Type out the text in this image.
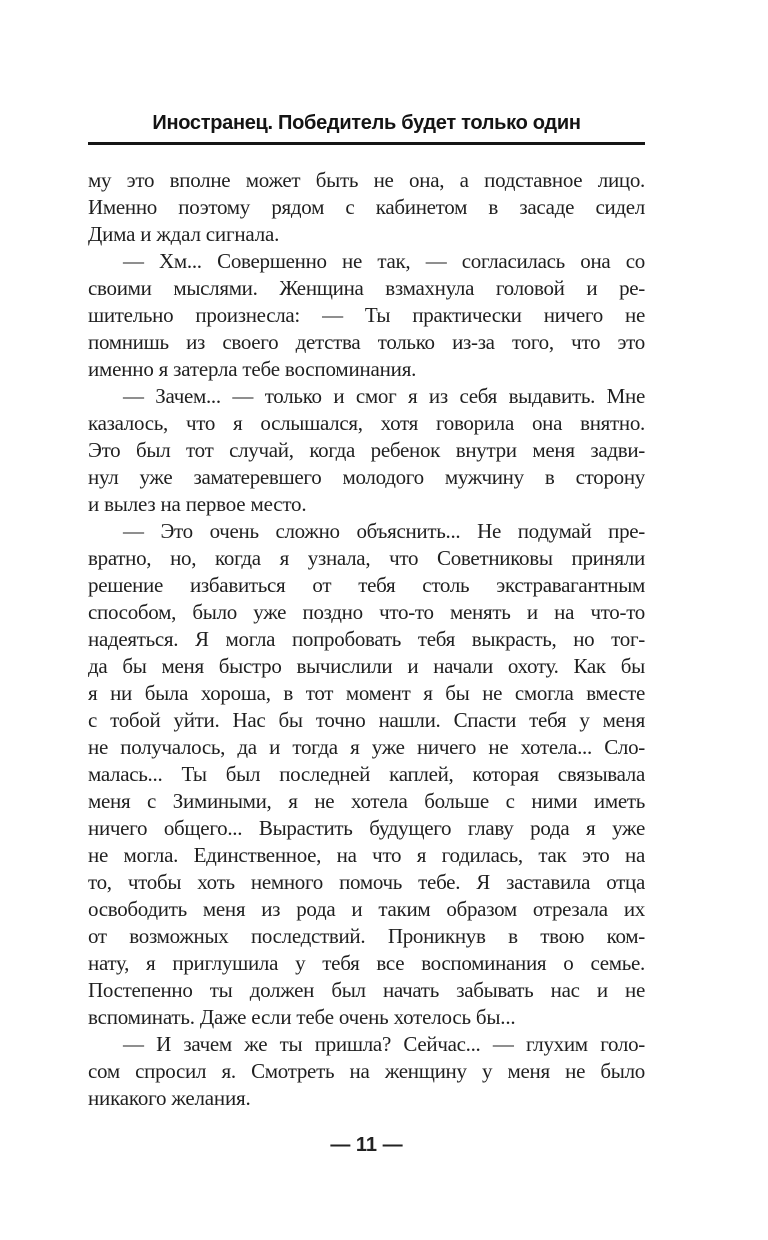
Иностранец. Победитель будет только один
му это вполне может быть не она, а подставное лицо.
Именно поэтому рядом с кабинетом в засаде сидел
Дима и ждал сигнала.
— Хм... Совершенно не так, — согласилась она со
своими мыслями. Женщина взмахнула головой и ре-
шительно произнесла: — Ты практически ничего не
помнишь из своего детства только из-за того, что это
именно я затерла тебе воспоминания.
— Зачем... — только и смог я из себя выдавить. Мне
казалось, что я ослышался, хотя говорила она внятно.
Это был тот случай, когда ребенок внутри меня задви-
нул уже заматеревшего молодого мужчину в сторону
и вылез на первое место.
— Это очень сложно объяснить... Не подумай пре-
вратно, но, когда я узнала, что Советниковы приняли
решение избавиться от тебя столь экстравагантным
способом, было уже поздно что-то менять и на что-то
надеяться. Я могла попробовать тебя выкрасть, но тог-
да бы меня быстро вычислили и начали охоту. Как бы
я ни была хороша, в тот момент я бы не смогла вместе
с тобой уйти. Нас бы точно нашли. Спасти тебя у меня
не получалось, да и тогда я уже ничего не хотела... Сло-
малась... Ты был последней каплей, которая связывала
меня с Зимиными, я не хотела больше с ними иметь
ничего общего... Вырастить будущего главу рода я уже
не могла. Единственное, на что я годилась, так это на
то, чтобы хоть немного помочь тебе. Я заставила отца
освободить меня из рода и таким образом отрезала их
от возможных последствий. Проникнув в твою ком-
нату, я приглушила у тебя все воспоминания о семье.
Постепенно ты должен был начать забывать нас и не
вспоминать. Даже если тебе очень хотелось бы...
— И зачем же ты пришла? Сейчас... — глухим голо-
сом спросил я. Смотреть на женщину у меня не было
никакого желания.
— 11 —
